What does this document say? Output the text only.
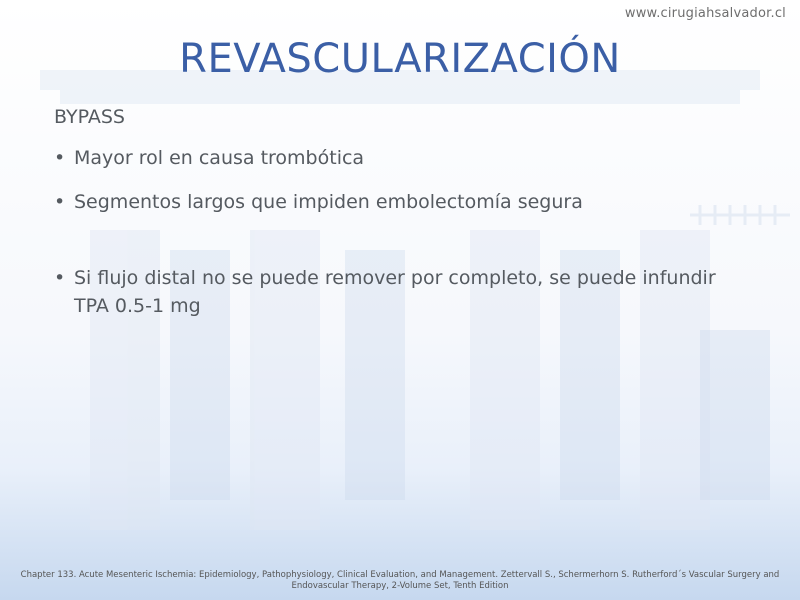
www.cirugiahsalvador.cl
REVASCULARIZACIÓN
BYPASS
• Mayor rol en causa trombótica
• Segmentos largos que impiden embolectomía segura
• Si flujo distal no se puede remover por completo, se puede infundir TPA 0.5-1 mg
Chapter 133. Acute Mesenteric Ischemia: Epidemiology, Pathophysiology, Clinical Evaluation, and Management. Zettervall S., Schermerhorn S. Rutherford´s Vascular Surgery and Endovascular Therapy, 2-Volume Set, Tenth Edition
